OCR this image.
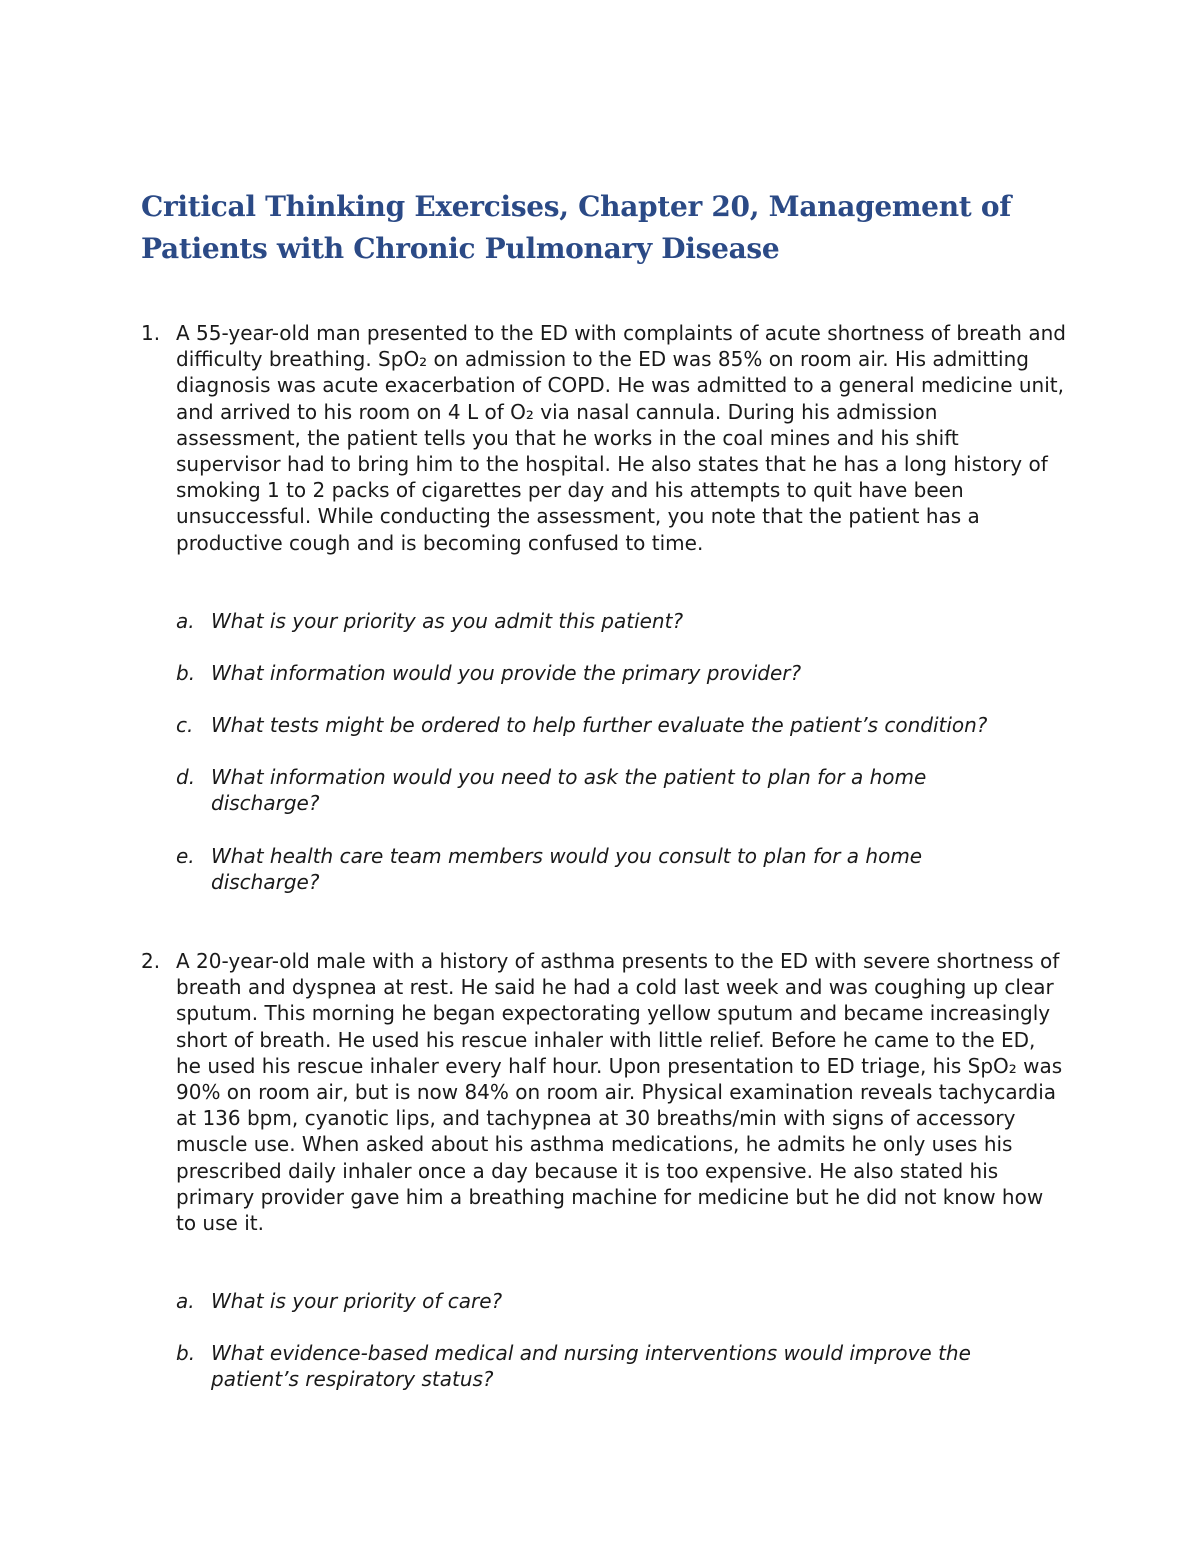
Critical Thinking Exercises, Chapter 20, Management of Patients with Chronic Pulmonary Disease
1. A 55-year-old man presented to the ED with complaints of acute shortness of breath and difficulty breathing. SpO₂ on admission to the ED was 85% on room air. His admitting diagnosis was acute exacerbation of COPD. He was admitted to a general medicine unit, and arrived to his room on 4 L of O₂ via nasal cannula. During his admission assessment, the patient tells you that he works in the coal mines and his shift supervisor had to bring him to the hospital. He also states that he has a long history of smoking 1 to 2 packs of cigarettes per day and his attempts to quit have been unsuccessful. While conducting the assessment, you note that the patient has a productive cough and is becoming confused to time.

a. What is your priority as you admit this patient?
b. What information would you provide the primary provider?
c. What tests might be ordered to help further evaluate the patient’s condition?
d. What information would you need to ask the patient to plan for a home discharge?
e. What health care team members would you consult to plan for a home discharge?
2. A 20-year-old male with a history of asthma presents to the ED with severe shortness of breath and dyspnea at rest. He said he had a cold last week and was coughing up clear sputum. This morning he began expectorating yellow sputum and became increasingly short of breath. He used his rescue inhaler with little relief. Before he came to the ED, he used his rescue inhaler every half hour. Upon presentation to ED triage, his SpO₂ was 90% on room air, but is now 84% on room air. Physical examination reveals tachycardia at 136 bpm, cyanotic lips, and tachypnea at 30 breaths/min with signs of accessory muscle use. When asked about his asthma medications, he admits he only uses his prescribed daily inhaler once a day because it is too expensive. He also stated his primary provider gave him a breathing machine for medicine but he did not know how to use it.

a. What is your priority of care?
b. What evidence-based medical and nursing interventions would improve the patient’s respiratory status?
